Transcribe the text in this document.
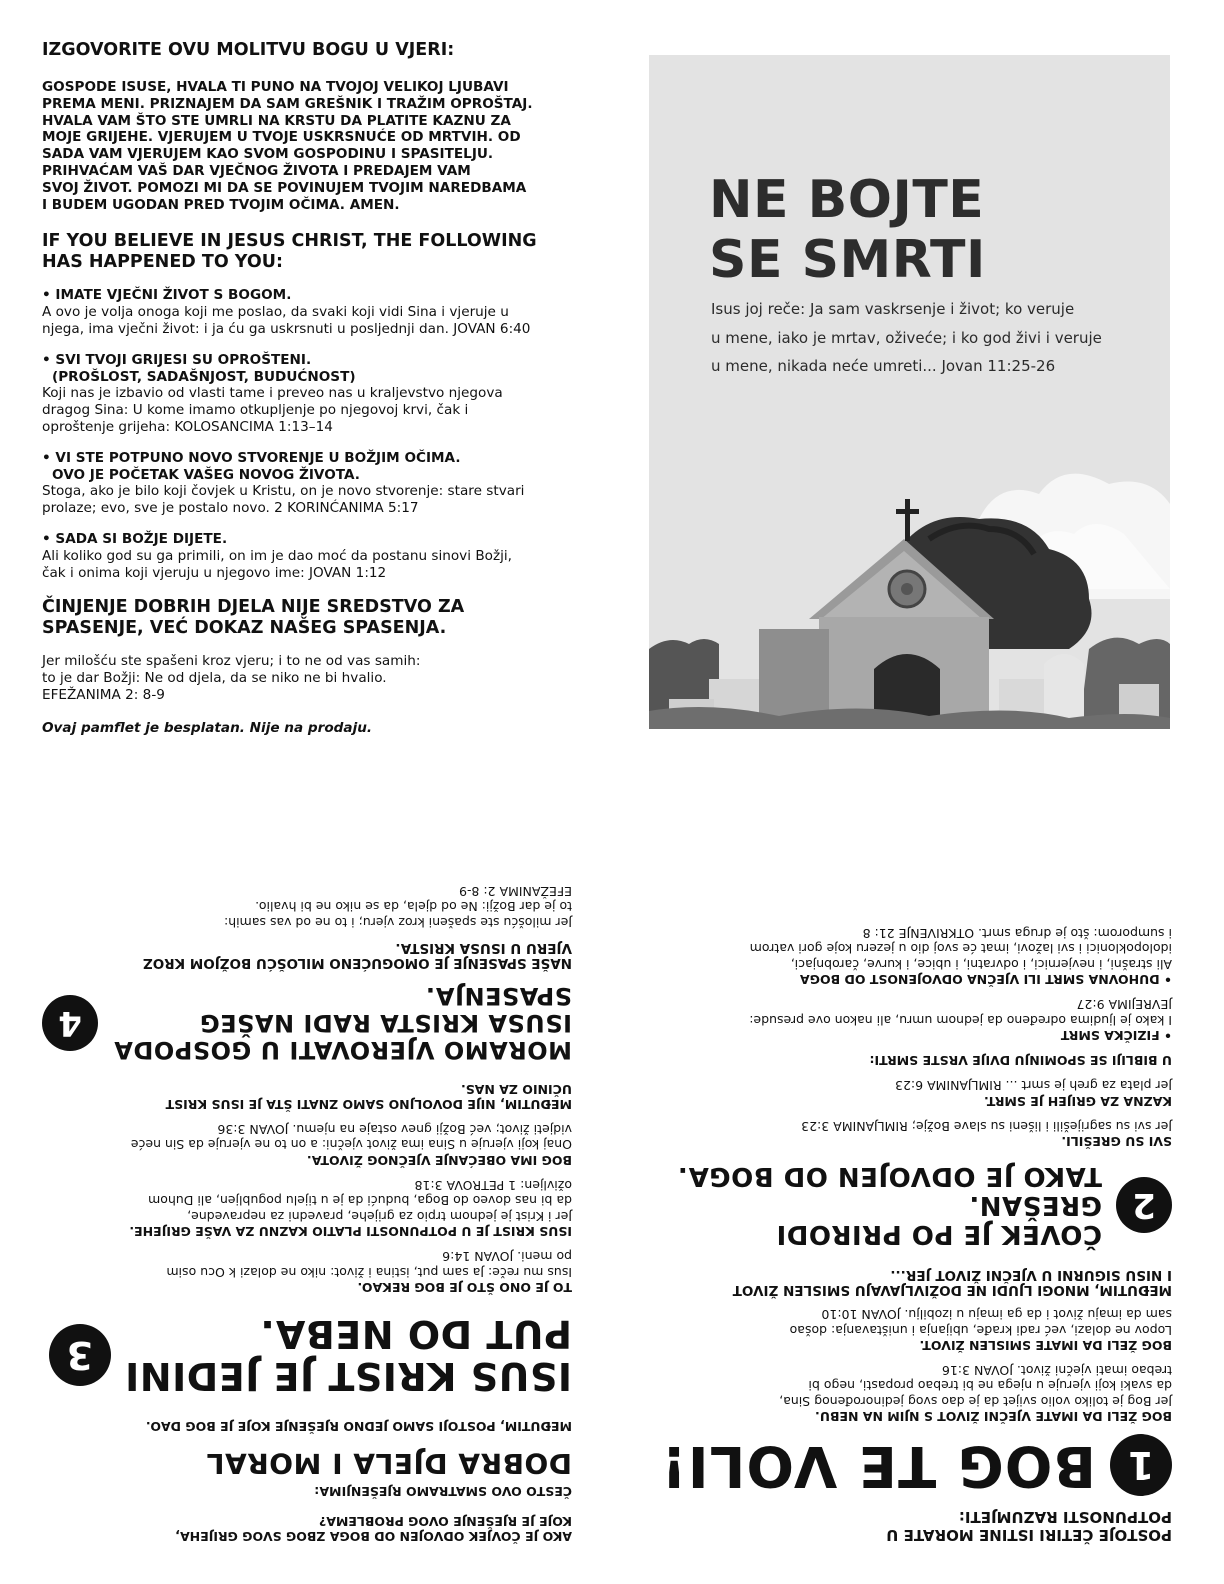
IZGOVORITE OVU MOLITVU BOGU U VJERI:

GOSPODE ISUSE, HVALA TI PUNO NA TVOJOJ VELIKOJ LJUBAVI

PREMA MENI. PRIZNAJEM DA SAM GREŠNIK I TRAŽIM OPROŠTAJ.

HVALA VAM ŠTO STE UMRLI NA KRSTU DA PLATITE KAZNU ZA

MOJE GRIJEHE. VJERUJEM U TVOJE USKRSNUĆE OD MRTVIH. OD

SADA VAM VJERUJEM KAO SVOM GOSPODINU I SPASITELJU.

PRIHVAĆAM VAŠ DAR VJEČNOG ŽIVOTA I PREDAJEM VAM

SVOJ ŽIVOT. POMOZI MI DA SE POVINUJEM TVOJIM NAREDBAMA

I BUDEM UGODAN PRED TVOJIM OČIMA. AMEN.

IF YOU BELIEVE IN JESUS CHRIST, THE FOLLOWING
HAS HAPPENED TO YOU:

• IMATE VJEČNI ŽIVOT S BOGOM.

A ovo je volja onoga koji me poslao, da svaki koji vidi Sina i vjeruje u

njega, ima vječni život: i ja ću ga uskrsnuti u posljednji dan. JOVAN 6:40

• SVI TVOJI GRIJESI SU OPROŠTENI.

(PROŠLOST, SADAŠNJOST, BUDUĆNOST)

Koji nas je izbavio od vlasti tame i preveo nas u kraljevstvo njegova

dragog Sina: U kome imamo otkupljenje po njegovoj krvi, čak i

oproštenje grijeha: KOLOSANCIMA 1:13–14

• VI STE POTPUNO NOVO STVORENJE U BOŽJIM OČIMA.

OVO JE POČETAK VAŠEG NOVOG ŽIVOTA.

Stoga, ako je bilo koji čovjek u Kristu, on je novo stvorenje: stare stvari

prolaze; evo, sve je postalo novo. 2 KORINĆANIMA 5:17

• SADA SI BOŽJE DIJETE.

Ali koliko god su ga primili, on im je dao moć da postanu sinovi Božji,

čak i onima koji vjeruju u njegovo ime: JOVAN 1:12

ČINJENJE DOBRIH DJELA NIJE SREDSTVO ZA
SPASENJE, VEĆ DOKAZ NAŠEG SPASENJA.

Jer milošću ste spašeni kroz vjeru; i to ne od vas samih:

to je dar Božji: Ne od djela, da se niko ne bi hvalio.

EFEŽANIMA 2: 8-9

Ovaj pamflet je besplatan. Nije na prodaju.

NE BOJTE
SE SMRTI

Isus joj reče: Ja sam vaskrsenje i život; ko veruje

u mene, iako je mrtav, oživeće; i ko god živi i veruje

u mene, nikada neće umreti... Jovan 11:25-26

AKO JE ČOVJEK ODVOJEN OD BOGA ZBOG SVOG GRIJEHA,

KOJE JE RJEŠENJE OVOG PROBLEMA?

ČESTO OVO SMATRAMO RJEŠENJIMA:

DOBRA DJELA I MORAL

MEĐUTIM, POSTOJI SAMO JEDNO RJEŠENJE KOJE JE BOG DAO.

ISUS KRIST JE JEDINI
PUT DO NEBA.
3

TO JE ONO ŠTO JE BOG REKAO.

Isus mu reče: Ja sam put, istina i život: niko ne dolazi k Ocu osim

po meni. JOVAN 14:6

ISUS KRIST JE U POTPUNOSTI PLATIO KAZNU ZA VAŠE GRIJEHE.

Jer i Krist je jednom trpio za grijehe, pravedni za nepravedne,

da bi nas doveo do Boga, budući da je u tijelu pogubljen, ali Duhom

oživljen: 1 PETROVA 3:18

BOG IMA OBEĆANJE VJEČNOG ŽIVOTA.

Onaj koji vjeruje u Sina ima život vječni: a on to ne vjeruje da Sin neće

vidjeti život; već Božji gnev ostaje na njemu. JOVAN 3:36

MEĐUTIM, NIJE DOVOLJNO SAMO ZNATI ŠTA JE ISUS KRIST

UČINIO ZA NAS.

MORAMO VJEROVATI U GOSPODA
ISUSA KRISTA RADI NAŠEG SPASENJA.
4

NAŠE SPASENJE JE OMOGUĆENO MILOŠĆU BOŽJOM KROZ

VJERU U ISUSA KRISTA.

Jer milošću ste spašeni kroz vjeru; i to ne od vas samih:

to je dar Božji: Ne od djela, da se niko ne bi hvalio.

EFEŽANIMA 2: 8-9

POSTOJE ČETIRI ISTINE MORATE U

POTPUNOSTI RAZUMJETI:

1
BOG TE VOLI!

BOG ŽELI DA IMATE VJEČNI ŽIVOT S NJIM NA NEBU.

Jer Bog je toliko volio svijet da je dao svog jedinorođenog Sina,

da svaki koji vjeruje u njega ne bi trebao propasti, nego bi

trebao imati vječni život. JOVAN 3:16

BOG ŽELI DA IMATE SMISLEN ŽIVOT.

Lopov ne dolazi, već radi krađe, ubijanja i uništavanja: došao

sam da imaju život i da ga imaju u izobilju. JOVAN 10:10

MEĐUTIM, MNOGI LJUDI NE DOŽIVLJAVAJU SMISLEN ŽIVOT

I NISU SIGURNI U VJEČNI ŽIVOT JER...

2
ČOVEK JE PO PRIRODI GREŠAN.
TAKO JE ODVOJEN OD BOGA.

SVI SU GREŠILI.

Jer svi su sagriješili i lišeni su slave Božje; RIMLJANIMA 3:23

KAZNA ZA GRIJEH JE SMRT.

Jer plata za greh je smrt ... RIMLJANIMA 6:23

U BIBLIJI SE SPOMINJU DVIJE VRSTE SMRTI:

• FIZIČKA SMRT

I kako je ljudima određeno da jednom umru, ali nakon ove presude:

JEVREJIMA 9:27

• DUHOVNA SMRT ILI VJEČNA ODVOJENOST OD BOGA

Ali strašni, i nevjernici, i odvratni, i ubice, i kurve, čarobnjaci,

idolopoklonici i svi lažovi, imat će svoj dio u jezeru koje gori vatrom

i sumporom: što je druga smrt. OTKRIVENJE 21: 8
